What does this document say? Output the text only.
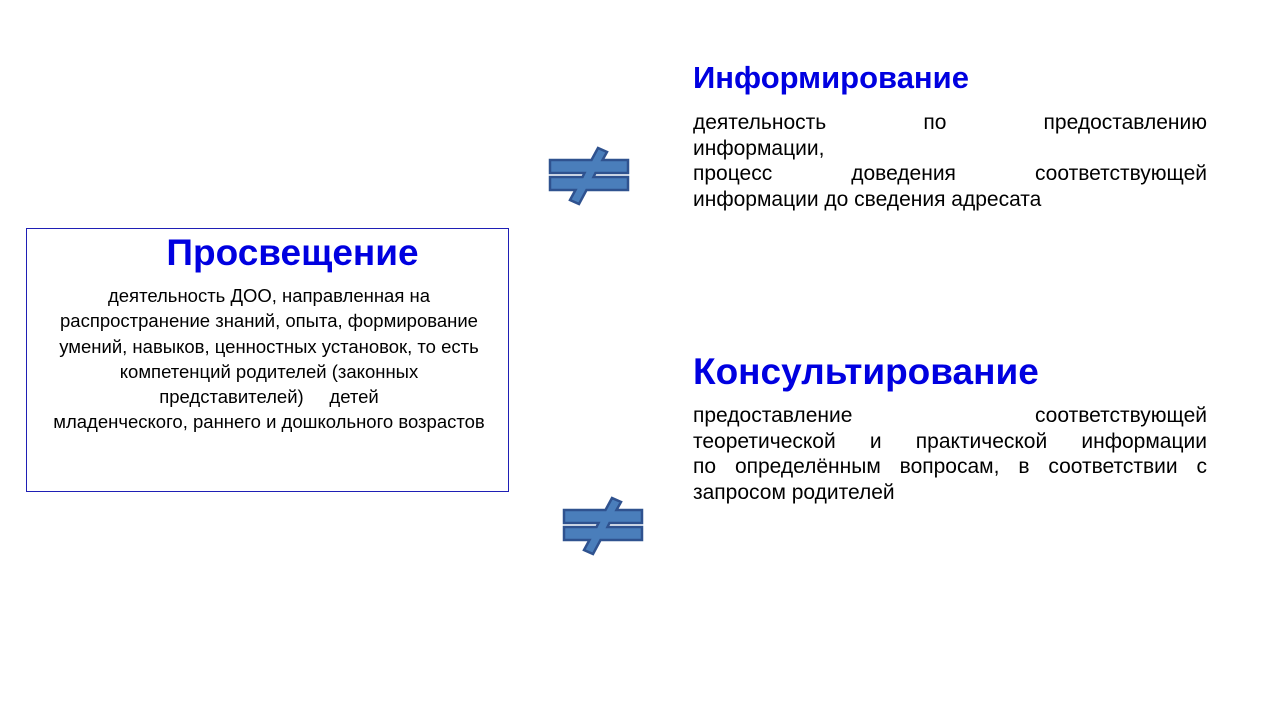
Просвещение
деятельность ДОО, направленная на
распространение знаний, опыта, формирование
умений, навыков, ценностных установок, то есть
компетенций родителей (законных
представителей)     детей
младенческого, раннего и дошкольного возрастов
Информирование
деятельность	по	предоставлению
информации,
процесс	доведения	соответствующей
информации до сведения адресата
Консультирование
предоставление	соответствующей
теоретической и практической информации
по определённым вопросам, в соответствии с
запросом родителей
